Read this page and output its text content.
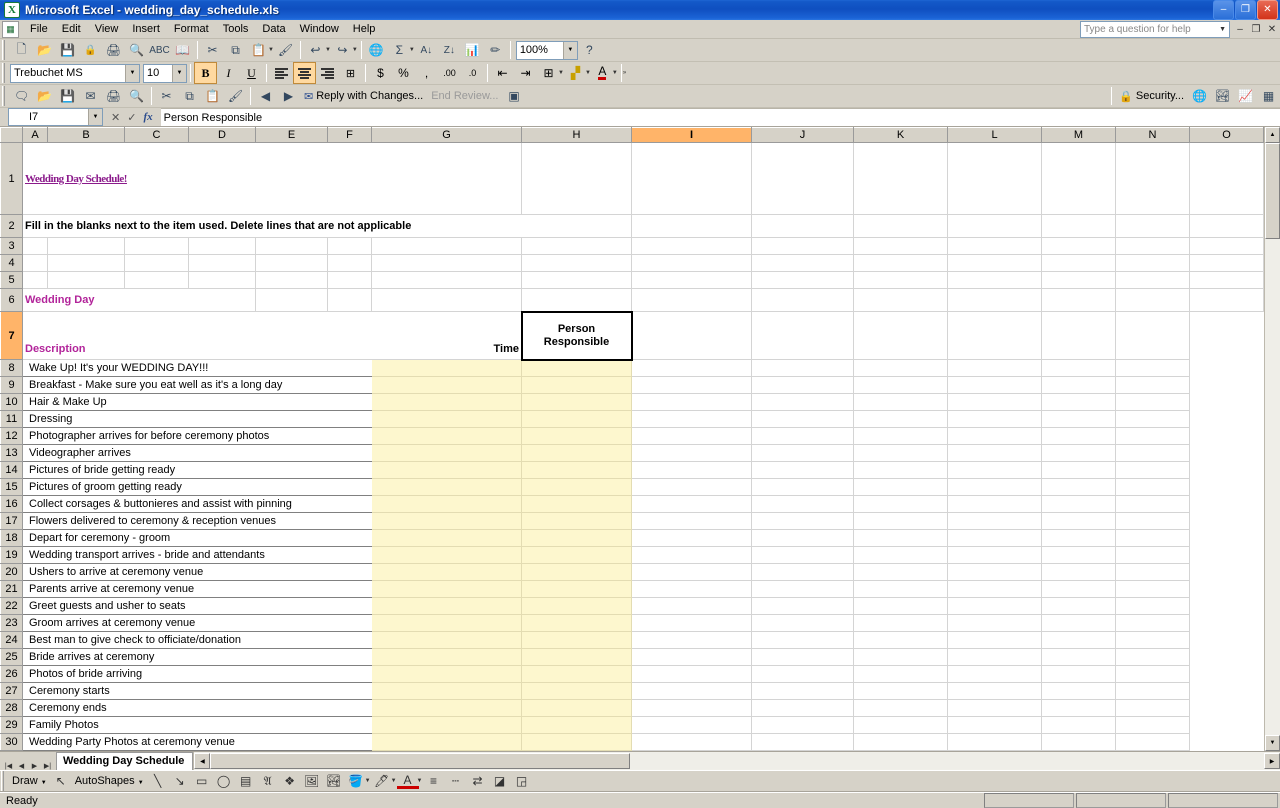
X Microsoft Excel - wedding_day_schedule.xls	–	❐	✕
▦	File	Edit	View	Insert	Format	Tools	Data	Window	Help	Type a question for help	▼	– ❐ ✕
🗋 📂 💾 🔒 🖨 🔍 ABC 📖	✂	⧉ 📋 ▼ 🖌	↩ ▼ ↪ ▼ 🌐 Σ ▼ A↓	Z↓ 📊 ✏	100%	▼	?
Trebuchet MS	▼	10	▼	B	I	U	⊞	$	%	,	.00	.0	⇤	⇥	⊞ ▼ ▞ ▼ A ▼ »
🗨 📂 💾 ✉ 🖨 🔍	✂	⧉ 📋 🖌	◀	▶ ✉ Reply with Changes... End Review... ▣	🔒 Security... 🌐 🏞 📈 ▦
I7	▼	✕ ✓ fx Person Responsible
	A	B	C	D	E	F	G	H	I	J	K	L	M	N	O
1	Wedding Day Schedule!														
2	Fill in the blanks next to the item used. Delete lines that are not applicable														
3															
4															
5															
6	Wedding Day														
7	Description						Time	Person
Responsible							

8	Wake Up! It's your WEDDING DAY!!!														
9	Breakfast - Make sure you eat well as it's a long day														
10	Hair & Make Up														
11	Dressing														
12	Photographer arrives for before ceremony photos														
13	Videographer arrives														
14	Pictures of bride getting ready														
15	Pictures of groom getting ready														
16	Collect corsages & buttonieres and assist with pinning														
17	Flowers delivered to ceremony & reception venues														
18	Depart for ceremony - groom														
19	Wedding transport arrives - bride and attendants														
20	Ushers to arrive at ceremony venue														
21	Parents arrive at ceremony venue														
22	Greet guests and usher to seats														
23	Groom arrives at ceremony venue														
24	Best man to give check to officiate/donation														
25	Bride arrives at ceremony														
26	Photos of bride arriving														
27	Ceremony starts														
28	Ceremony ends														
29	Family Photos														
30	Wedding Party Photos at ceremony venue														
▲
▼
|◀ ◀	▶ ▶|	Wedding Day Schedule	◀	▶
Draw ▼ ↖ AutoShapes ▼ ╲	↘ ▭ ◯ ▤	𝔄	❖ 🖼 🏞 🪣 ▼ 🖊 ▼ A ▼ ≡	┄	⇄ ◪ ◲
Ready
